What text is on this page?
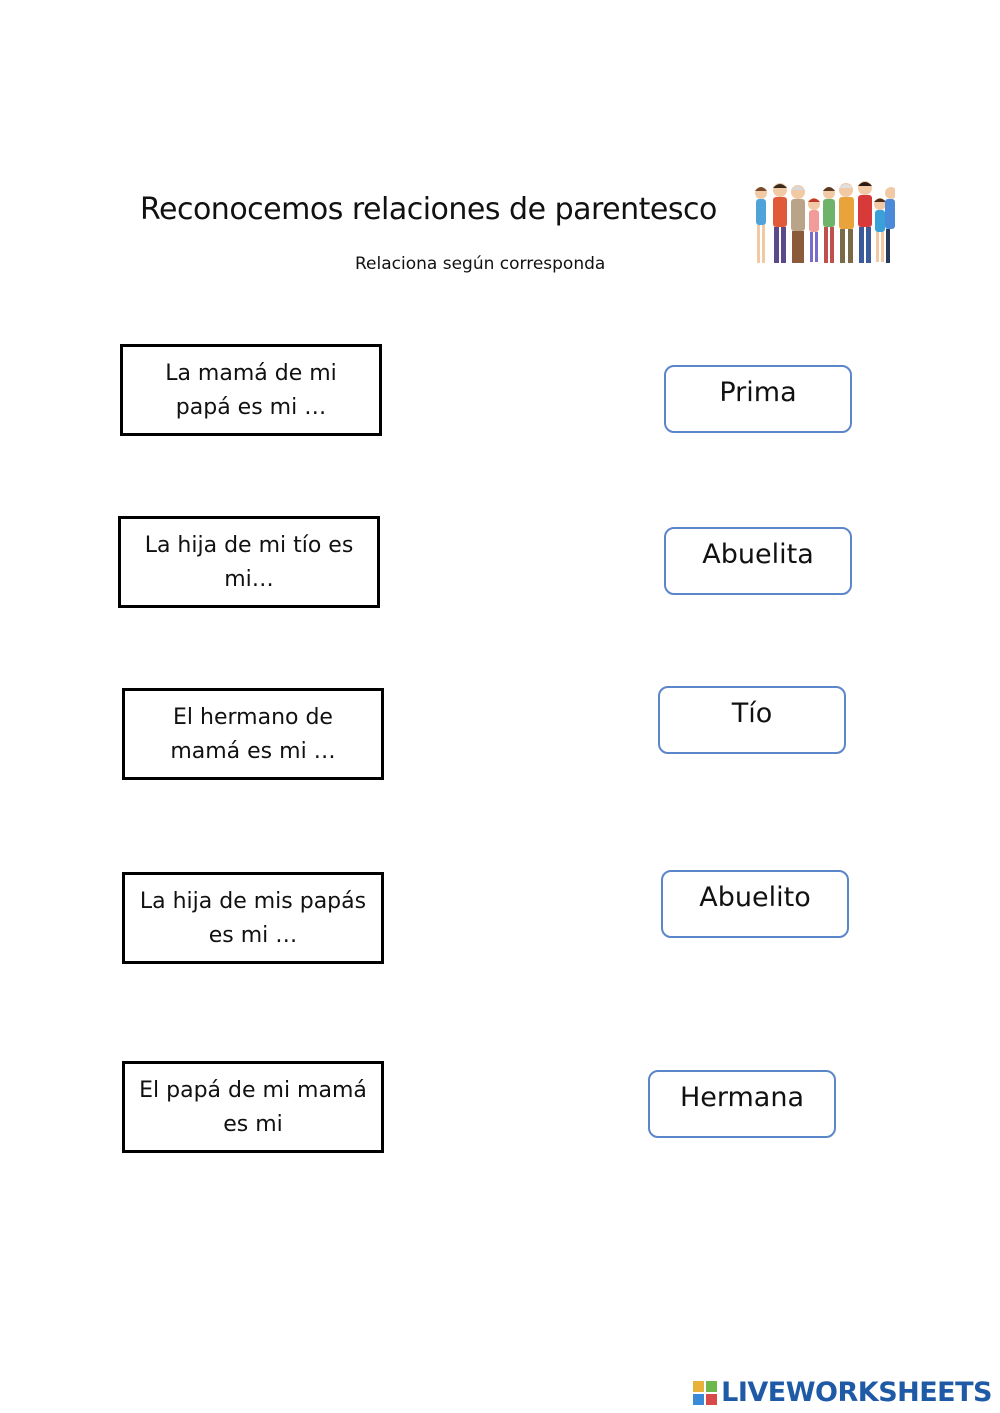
Reconocemos relaciones de parentesco
Relaciona según corresponda
La mamá de mi papá es mi …
La hija de mi tío es mi…
El hermano de mamá es mi …
La hija de mis papás es mi …
El papá de mi mamá es mi
Prima
Abuelita
Tío
Abuelito
Hermana
LIVEWORKSHEETS
